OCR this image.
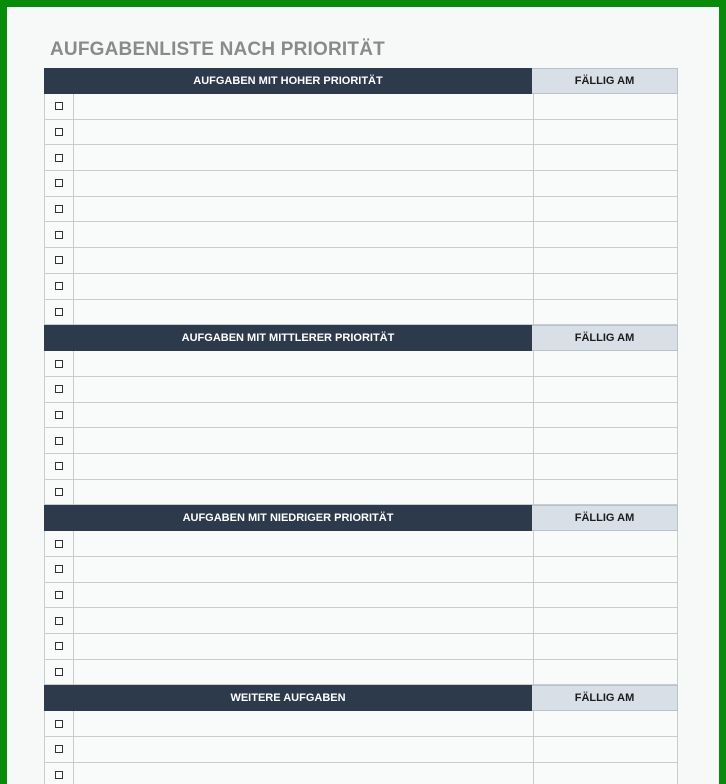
AUFGABENLISTE NACH PRIORITÄT
AUFGABEN MIT HOHER PRIORITÄT	FÄLLIG AM
AUFGABEN MIT MITTLERER PRIORITÄT	FÄLLIG AM
AUFGABEN MIT NIEDRIGER PRIORITÄT	FÄLLIG AM
WEITERE AUFGABEN	FÄLLIG AM
